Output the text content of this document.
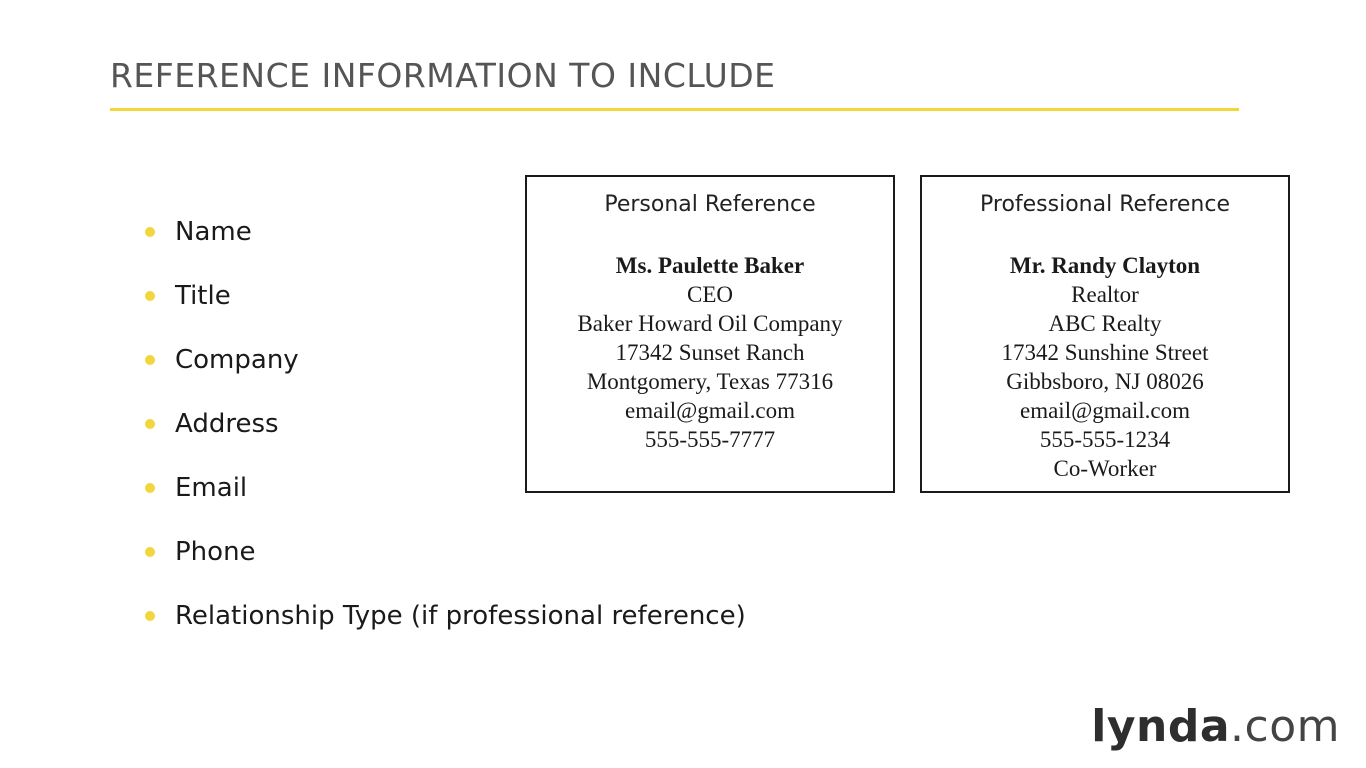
REFERENCE INFORMATION TO INCLUDE
Name
Title
Company
Address
Email
Phone
Relationship Type (if professional reference)
Personal Reference
Ms. Paulette Baker
CEO
Baker Howard Oil Company
17342 Sunset Ranch
Montgomery, Texas 77316
email@gmail.com
555-555-7777
Professional Reference
Mr. Randy Clayton
Realtor
ABC Realty
17342 Sunshine Street
Gibbsboro, NJ 08026
email@gmail.com
555-555-1234
Co-Worker
lynda.com
